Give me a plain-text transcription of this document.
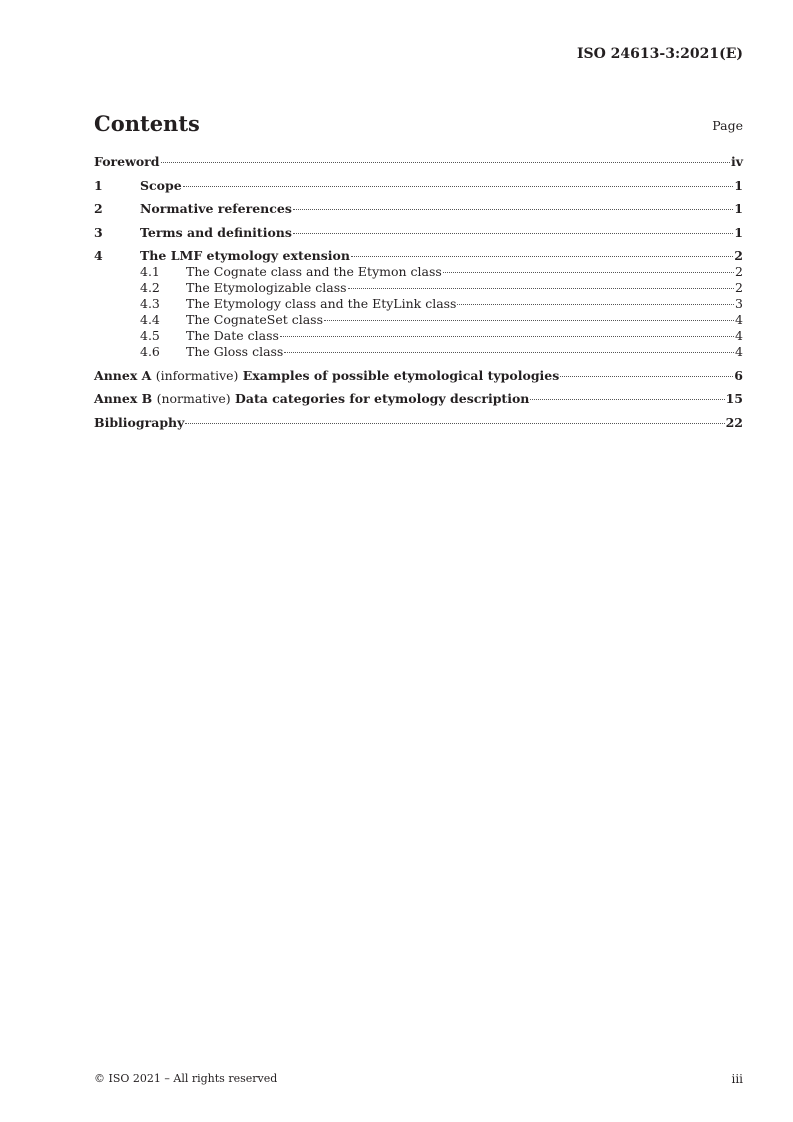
ISO 24613-3:2021(E)
Contents	Page
Foreword	iv
1	Scope	1
2	Normative references	1
3	Terms and definitions	1
4	The LMF etymology extension	2
4.1	The Cognate class and the Etymon class	2
4.2	The Etymologizable class	2
4.3	The Etymology class and the EtyLink class	3
4.4	The CognateSet class	4
4.5	The Date class	4
4.6	The Gloss class	4
Annex A (informative) Examples of possible etymological typologies	6
Annex B (normative) Data categories for etymology description	15
Bibliography	22
© ISO 2021 – All rights reserved	iii
